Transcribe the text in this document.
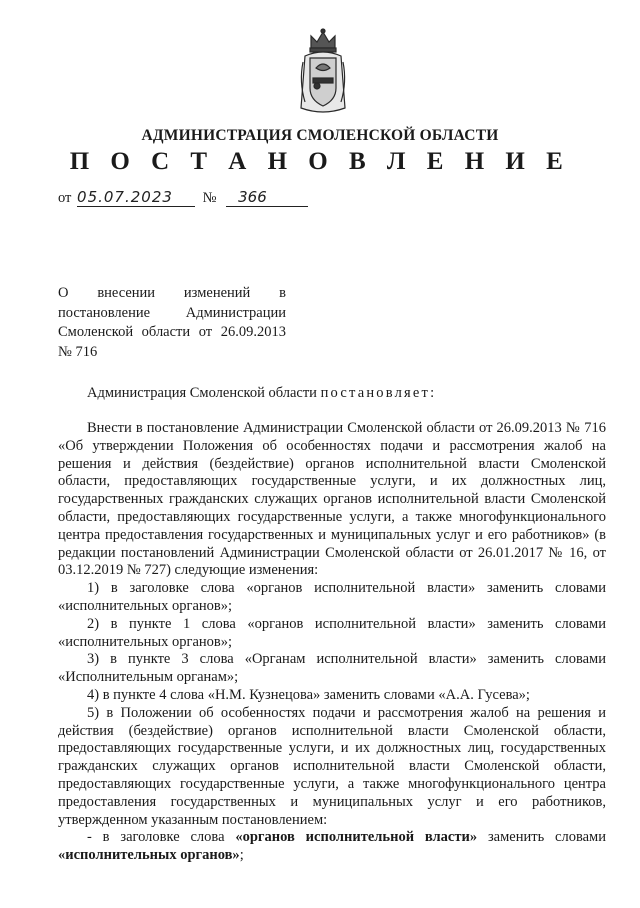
АДМИНИСТРАЦИЯ СМОЛЕНСКОЙ ОБЛАСТИ
П О С Т А Н О В Л Е Н И Е
от 05.07.2023 № 366
О внесении изменений в
постановление Администрации
Смоленской области от 26.09.2013
№ 716
Администрация Смоленской области постановляет:

Внести в постановление Администрации Смоленской области от 26.09.2013 № 716 «Об утверждении Положения об особенностях подачи и рассмотрения жалоб на решения и действия (бездействие) органов исполнительной власти Смоленской области, предоставляющих государственные услуги, и их должностных лиц, государственных гражданских служащих органов исполнительной власти Смоленской области, предоставляющих государственные услуги, а также многофункционального центра предоставления государственных и муниципальных услуг и его работников» (в редакции постановлений Администрации Смоленской области от 26.01.2017 № 16, от 03.12.2019 № 727) следующие изменения:

1) в заголовке слова «органов исполнительной власти» заменить словами «исполнительных органов»;

2) в пункте 1 слова «органов исполнительной власти» заменить словами «исполнительных органов»;

3) в пункте 3 слова «Органам исполнительной власти» заменить словами «Исполнительным органам»;

4) в пункте 4 слова «Н.М. Кузнецова» заменить словами «А.А. Гусева»;

5) в Положении об особенностях подачи и рассмотрения жалоб на решения и действия (бездействие) органов исполнительной власти Смоленской области, предоставляющих государственные услуги, и их должностных лиц, государственных гражданских служащих органов исполнительной власти Смоленской области, предоставляющих государственные услуги, а также многофункционального центра предоставления государственных и муниципальных услуг и его работников, утвержденном указанным постановлением:

- в заголовке слова «органов исполнительной власти» заменить словами «исполнительных органов»;
